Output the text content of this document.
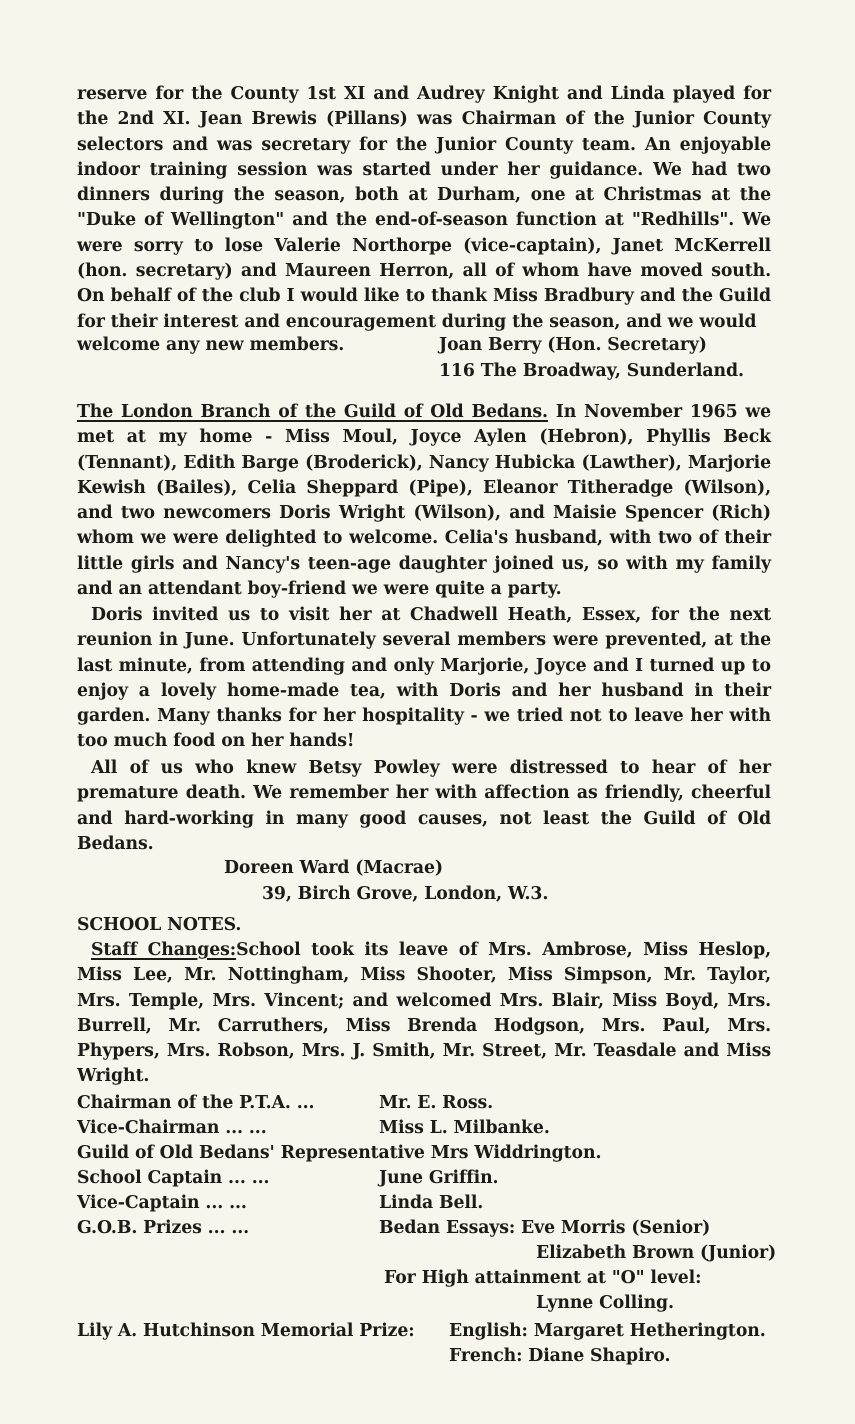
reserve for the County 1st XI and Audrey Knight and Linda played for the 2nd XI. Jean Brewis (Pillans) was Chairman of the Junior County selectors and was secretary for the Junior County team. An enjoyable indoor training session was started under her guidance. We had two dinners during the season, both at Durham, one at Christmas at the "Duke of Wellington" and the end-of-season function at "Redhills". We were sorry to lose Valerie Northorpe (vice-captain), Janet McKerrell (hon. secretary) and Maureen Herron, all of whom have moved south. On behalf of the club I would like to thank Miss Bradbury and the Guild for their interest and encouragement during the season, and we would

welcome any new members.	Joan Berry (Hon. Secretary)
116 The Broadway, Sunderland.

The London Branch of the Guild of Old Bedans. In November 1965 we met at my home - Miss Moul, Joyce Aylen (Hebron), Phyllis Beck (Tennant), Edith Barge (Broderick), Nancy Hubicka (Lawther), Marjorie Kewish (Bailes), Celia Sheppard (Pipe), Eleanor Titheradge (Wilson), and two newcomers Doris Wright (Wilson), and Maisie Spencer (Rich) whom we were delighted to welcome. Celia's husband, with two of their little girls and Nancy's teen-age daughter joined us, so with my family and an attendant boy-friend we were quite a party.

Doris invited us to visit her at Chadwell Heath, Essex, for the next reunion in June. Unfortunately several members were prevented, at the last minute, from attending and only Marjorie, Joyce and I turned up to enjoy a lovely home-made tea, with Doris and her husband in their garden. Many thanks for her hospitality - we tried not to leave her with too much food on her hands!

All of us who knew Betsy Powley were distressed to hear of her premature death. We remember her with affection as friendly, cheerful and hard-working in many good causes, not least the Guild of Old Bedans.

Doreen Ward (Macrae)
39, Birch Grove, London, W.3.
SCHOOL NOTES.

Staff Changes:School took its leave of Mrs. Ambrose, Miss Heslop, Miss Lee, Mr. Nottingham, Miss Shooter, Miss Simpson, Mr. Taylor, Mrs. Temple, Mrs. Vincent; and welcomed Mrs. Blair, Miss Boyd, Mrs. Burrell, Mr. Carruthers, Miss Brenda Hodgson, Mrs. Paul, Mrs. Phypers, Mrs. Robson, Mrs. J. Smith, Mr. Street, Mr. Teasdale and Miss Wright.

Chairman of the P.T.A. ...	Mr. E. Ross.
Vice-Chairman ... ...	Miss L. Milbanke.
Guild of Old Bedans' Representative Mrs Widdrington.
School Captain ... ...	June Griffin.
Vice-Captain ... ...	Linda Bell.
G.O.B. Prizes ... ...	Bedan Essays: Eve Morris (Senior)
Elizabeth Brown (Junior)
For High attainment at "O" level:
Lynne Colling.
Lily A. Hutchinson Memorial Prize: English: Margaret Hetherington.
French: Diane Shapiro.
